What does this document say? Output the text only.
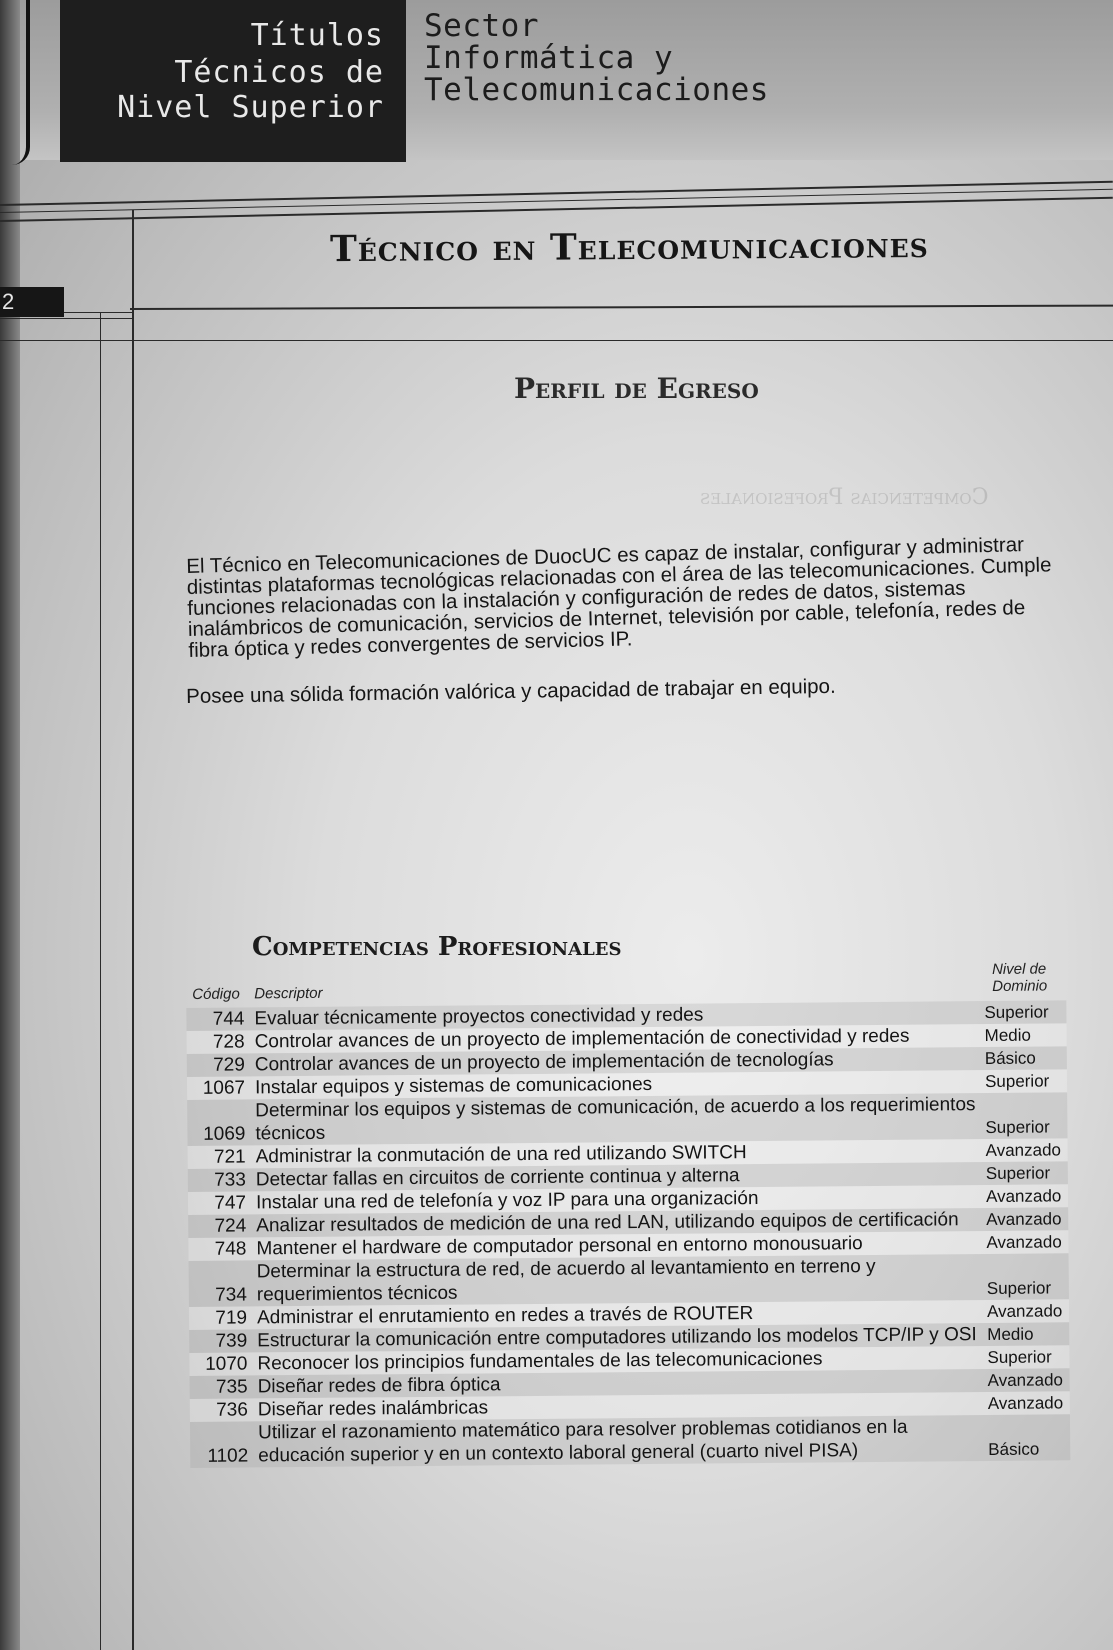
Títulos
Técnicos de
Nivel Superior
Sector
Informática y
Telecomunicaciones
2
Técnico en Telecomunicaciones
Perfil de Egreso
Competencias Profesionales

El Técnico en Telecomunicaciones de DuocUC es capaz de instalar, configurar y administrar distintas plataformas tecnológicas relacionadas con el área de las telecomunicaciones. Cumple funciones relacionadas con la instalación y configuración de redes de datos, sistemas inalámbricos de comunicación, servicios de Internet, televisión por cable, telefonía, redes de fibra óptica y redes convergentes de servicios IP.

Posee una sólida formación valórica y capacidad de trabajar en equipo.

Competencias Profesionales
Código Descriptor
Nivel de Dominio
744 Evaluar técnicamente proyectos conectividad y redes	Superior
728 Controlar avances de un proyecto de implementación de conectividad y redes	Medio
729 Controlar avances de un proyecto de implementación de tecnologías	Básico
1067 Instalar equipos y sistemas de comunicaciones	Superior
1069
Determinar los equipos y sistemas de comunicación, de acuerdo a los requerimientos técnicos	Superior
721 Administrar la conmutación de una red utilizando SWITCH	Avanzado
733 Detectar fallas en circuitos de corriente continua y alterna	Superior
747 Instalar una red de telefonía y voz IP para una organización	Avanzado
724 Analizar resultados de medición de una red LAN, utilizando equipos de certificación	Avanzado
748 Mantener el hardware de computador personal en entorno monousuario	Avanzado
734
Determinar la estructura de red, de acuerdo al levantamiento en terreno y requerimientos técnicos	Superior
719 Administrar el enrutamiento en redes a través de ROUTER	Avanzado
739 Estructurar la comunicación entre computadores utilizando los modelos TCP/IP y OSI Medio
1070 Reconocer los principios fundamentales de las telecomunicaciones	Superior
735 Diseñar redes de fibra óptica	Avanzado
736 Diseñar redes inalámbricas	Avanzado
1102
Utilizar el razonamiento matemático para resolver problemas cotidianos en la educación superior y en un contexto laboral general (cuarto nivel PISA)	Básico
